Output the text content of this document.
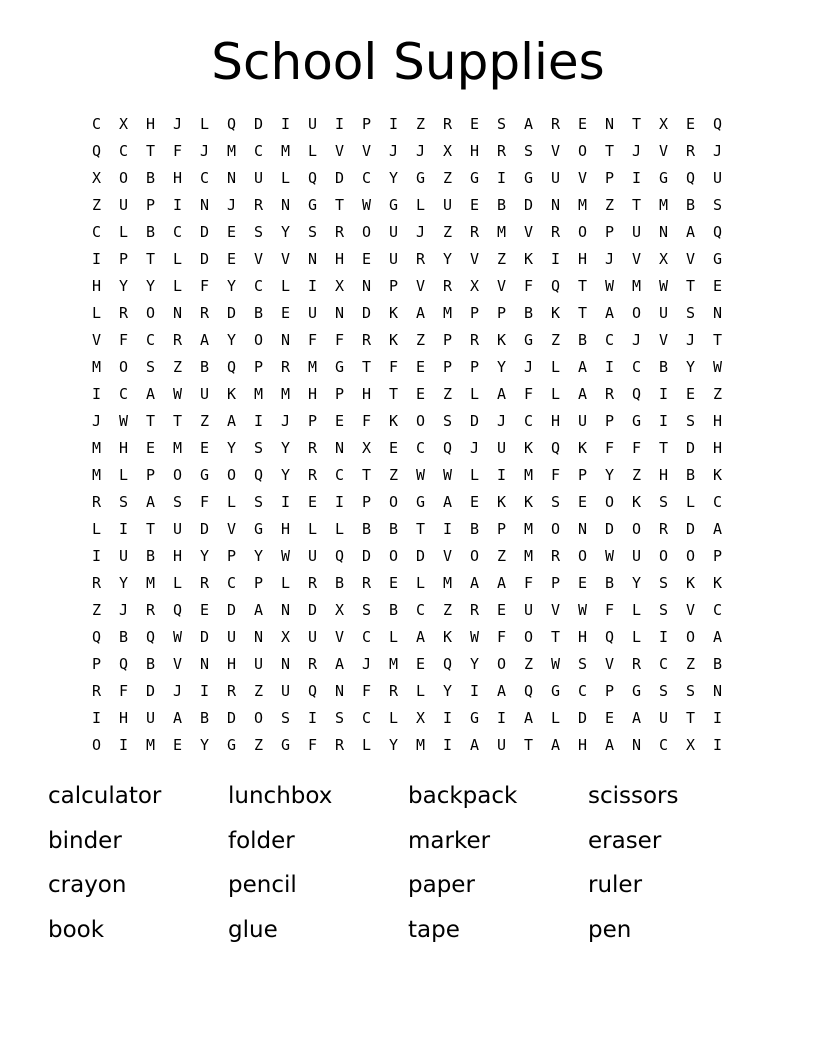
School Supplies
C	X	H	J	L	Q	D	I	U	I	P	I	Z	R	E	S	A	R	E	N	T	X	E	Q
Q	C	T	F	J	M	C	M	L	V	V	J	J	X	H	R	S	V	O	T	J	V	R	J
X	O	B	H	C	N	U	L	Q	D	C	Y	G	Z	G	I	G	U	V	P	I	G	Q	U
Z	U	P	I	N	J	R	N	G	T	W	G	L	U	E	B	D	N	M	Z	T	M	B	S
C	L	B	C	D	E	S	Y	S	R	O	U	J	Z	R	M	V	R	O	P	U	N	A	Q
I	P	T	L	D	E	V	V	N	H	E	U	R	Y	V	Z	K	I	H	J	V	X	V	G
H	Y	Y	L	F	Y	C	L	I	X	N	P	V	R	X	V	F	Q	T	W	M	W	T	E
L	R	O	N	R	D	B	E	U	N	D	K	A	M	P	P	B	K	T	A	O	U	S	N
V	F	C	R	A	Y	O	N	F	F	R	K	Z	P	R	K	G	Z	B	C	J	V	J	T
M	O	S	Z	B	Q	P	R	M	G	T	F	E	P	P	Y	J	L	A	I	C	B	Y	W
I	C	A	W	U	K	M	M	H	P	H	T	E	Z	L	A	F	L	A	R	Q	I	E	Z
J	W	T	T	Z	A	I	J	P	E	F	K	O	S	D	J	C	H	U	P	G	I	S	H
M	H	E	M	E	Y	S	Y	R	N	X	E	C	Q	J	U	K	Q	K	F	F	T	D	H
M	L	P	O	G	O	Q	Y	R	C	T	Z	W	W	L	I	M	F	P	Y	Z	H	B	K
R	S	A	S	F	L	S	I	E	I	P	O	G	A	E	K	K	S	E	O	K	S	L	C
L	I	T	U	D	V	G	H	L	L	B	B	T	I	B	P	M	O	N	D	O	R	D	A
I	U	B	H	Y	P	Y	W	U	Q	D	O	D	V	O	Z	M	R	O	W	U	O	O	P
R	Y	M	L	R	C	P	L	R	B	R	E	L	M	A	A	F	P	E	B	Y	S	K	K
Z	J	R	Q	E	D	A	N	D	X	S	B	C	Z	R	E	U	V	W	F	L	S	V	C
Q	B	Q	W	D	U	N	X	U	V	C	L	A	K	W	F	O	T	H	Q	L	I	O	A
P	Q	B	V	N	H	U	N	R	A	J	M	E	Q	Y	O	Z	W	S	V	R	C	Z	B
R	F	D	J	I	R	Z	U	Q	N	F	R	L	Y	I	A	Q	G	C	P	G	S	S	N
I	H	U	A	B	D	O	S	I	S	C	L	X	I	G	I	A	L	D	E	A	U	T	I
O	I	M	E	Y	G	Z	G	F	R	L	Y	M	I	A	U	T	A	H	A	N	C	X	I
calculator	lunchbox	backpack	scissors
binder	folder	marker	eraser
crayon	pencil	paper	ruler
book	glue	tape	pen
